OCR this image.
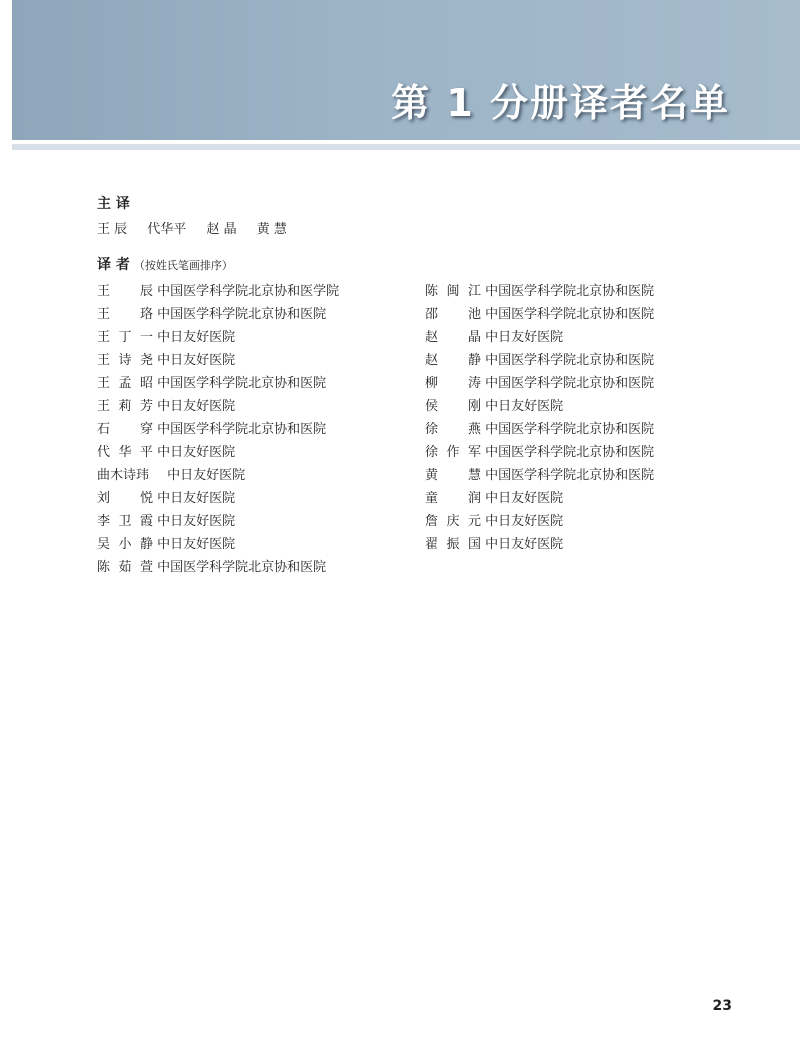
第 1 分册译者名单
主 译
王 辰 代华平 赵 晶 黄 慧
译 者 （按姓氏笔画排序）
王 辰 中国医学科学院北京协和医学院
王 珞 中国医学科学院北京协和医院
王丁一 中日友好医院
王诗尧 中日友好医院
王孟昭 中国医学科学院北京协和医院
王莉芳 中日友好医院
石 穿 中国医学科学院北京协和医院
代华平 中日友好医院
曲木诗玮 中日友好医院
刘 悦 中日友好医院
李卫霞 中日友好医院
吴小静 中日友好医院
陈茹萱 中国医学科学院北京协和医院
陈闽江 中国医学科学院北京协和医院
邵 池 中国医学科学院北京协和医院
赵 晶 中日友好医院
赵 静 中国医学科学院北京协和医院
柳 涛 中国医学科学院北京协和医院
侯 刚 中日友好医院
徐 燕 中国医学科学院北京协和医院
徐作军 中国医学科学院北京协和医院
黄 慧 中国医学科学院北京协和医院
童 润 中日友好医院
詹庆元 中日友好医院
翟振国 中日友好医院
23
